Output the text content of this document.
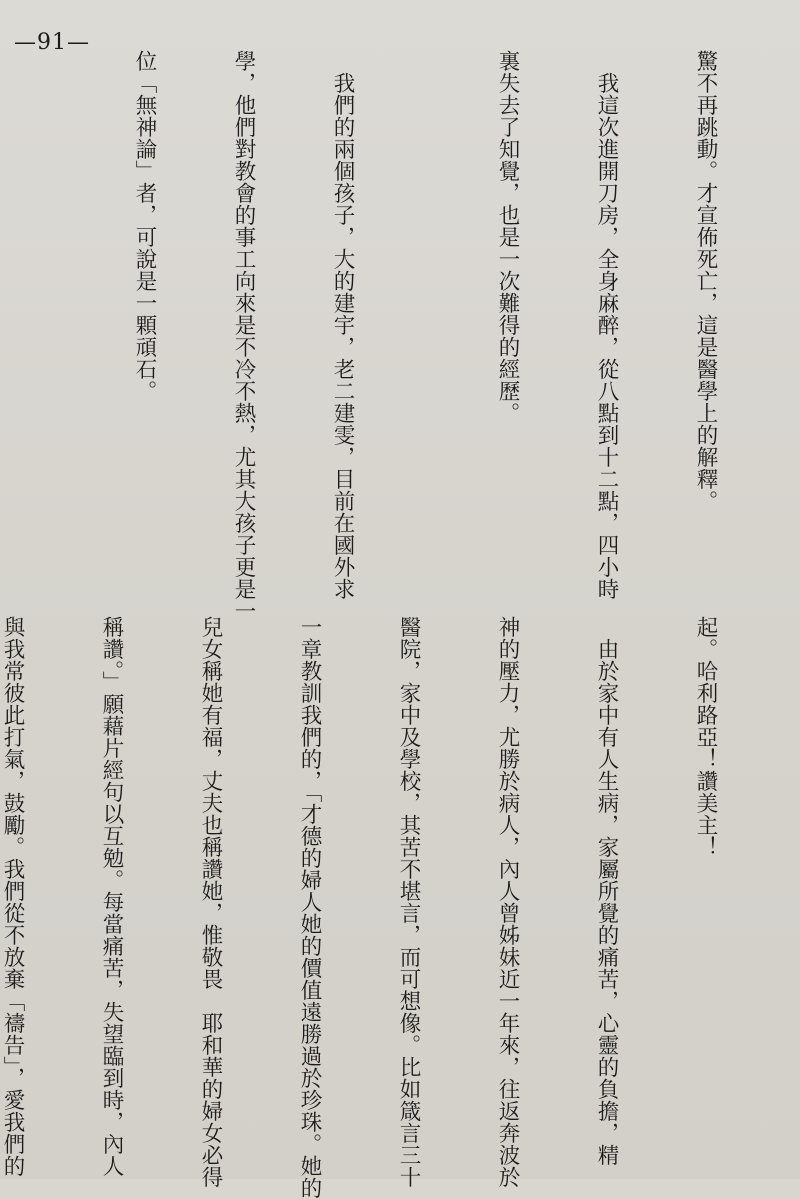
—91—

驚不再跳動。才宣佈死亡，這是醫學上的解釋。

　我這次進開刀房，全身麻醉，從八點到十二點，四小時

裏失去了知覺，也是一次難得的經歷。

　我們的兩個孩子，大的建宇，老二建雯，目前在國外求

學，他們對教會的事工向來是不冷不熱，尤其大孩子更是一

位「無神論」者，可說是一顆頑石。

起。哈利路亞！讚美主！

　由於家中有人生病，家屬所覺的痛苦，心靈的負擔，精

神的壓力，尤勝於病人，內人曾姊妹近一年來，往返奔波於

醫院，家中及學校，其苦不堪言，而可想像。比如箴言三十

一章教訓我們的，「才德的婦人她的價值遠勝過於珍珠。她的

兒女稱她有福，丈夫也稱讚她，惟敬畏　耶和華的婦女必得

稱讚。」願藉片經句以互勉。每當痛苦，失望臨到時，內人

與我常彼此打氣，鼓勵。我們從不放棄「禱告」，愛我們的
